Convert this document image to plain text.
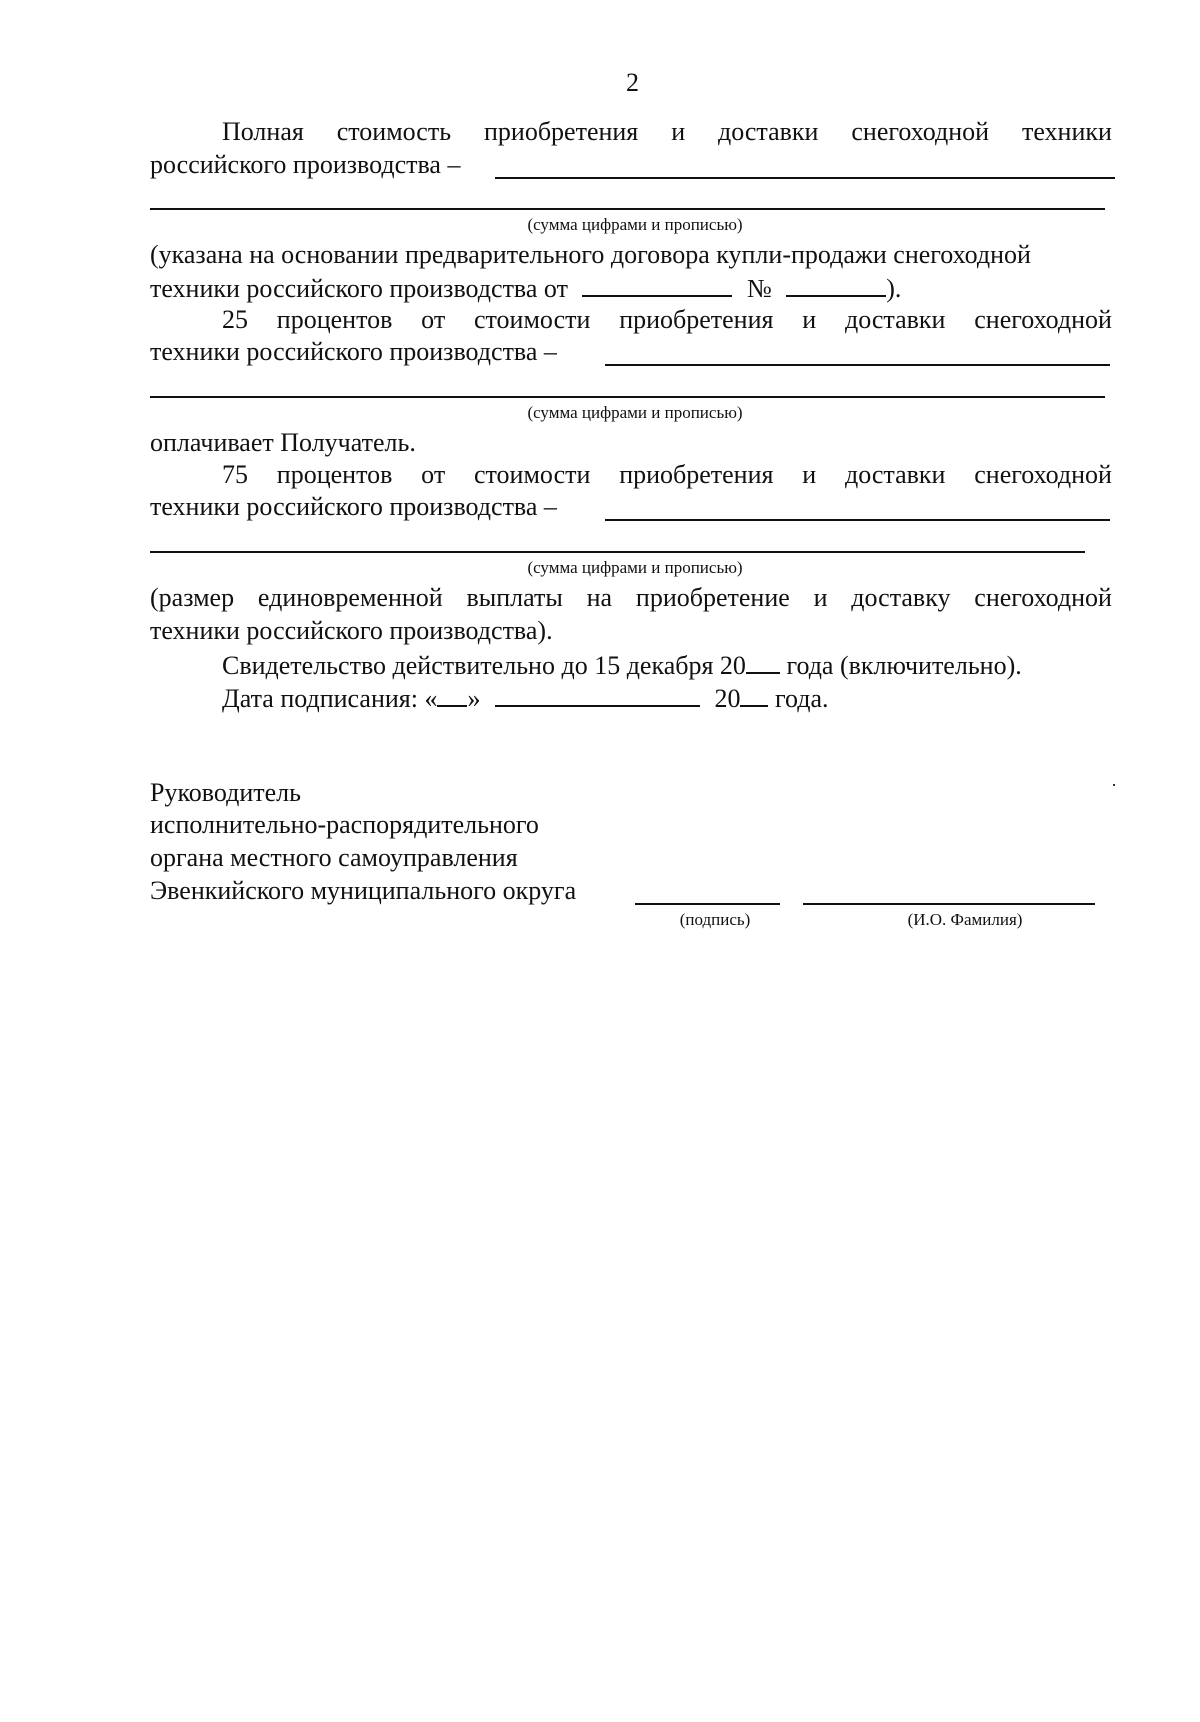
2
Полная стоимость приобретения и доставки снегоходной техники
российского производства –
(сумма цифрами и прописью)
(указана на основании предварительного договора купли-продажи снегоходной
техники российского производства от	№	).
25 процентов от стоимости приобретения и доставки снегоходной
техники российского производства –
(сумма цифрами и прописью)
оплачивает Получатель.
75 процентов от стоимости приобретения и доставки снегоходной
техники российского производства –
(сумма цифрами и прописью)
(размер единовременной выплаты на приобретение и доставку снегоходной
техники российского производства).
Свидетельство действительно до 15 декабря 20 года (включительно).
Дата подписания: « »	20 года.
Руководитель
исполнительно-распорядительного
органа местного самоуправления
Эвенкийского муниципального округа
(подпись)	(И.О. Фамилия)
